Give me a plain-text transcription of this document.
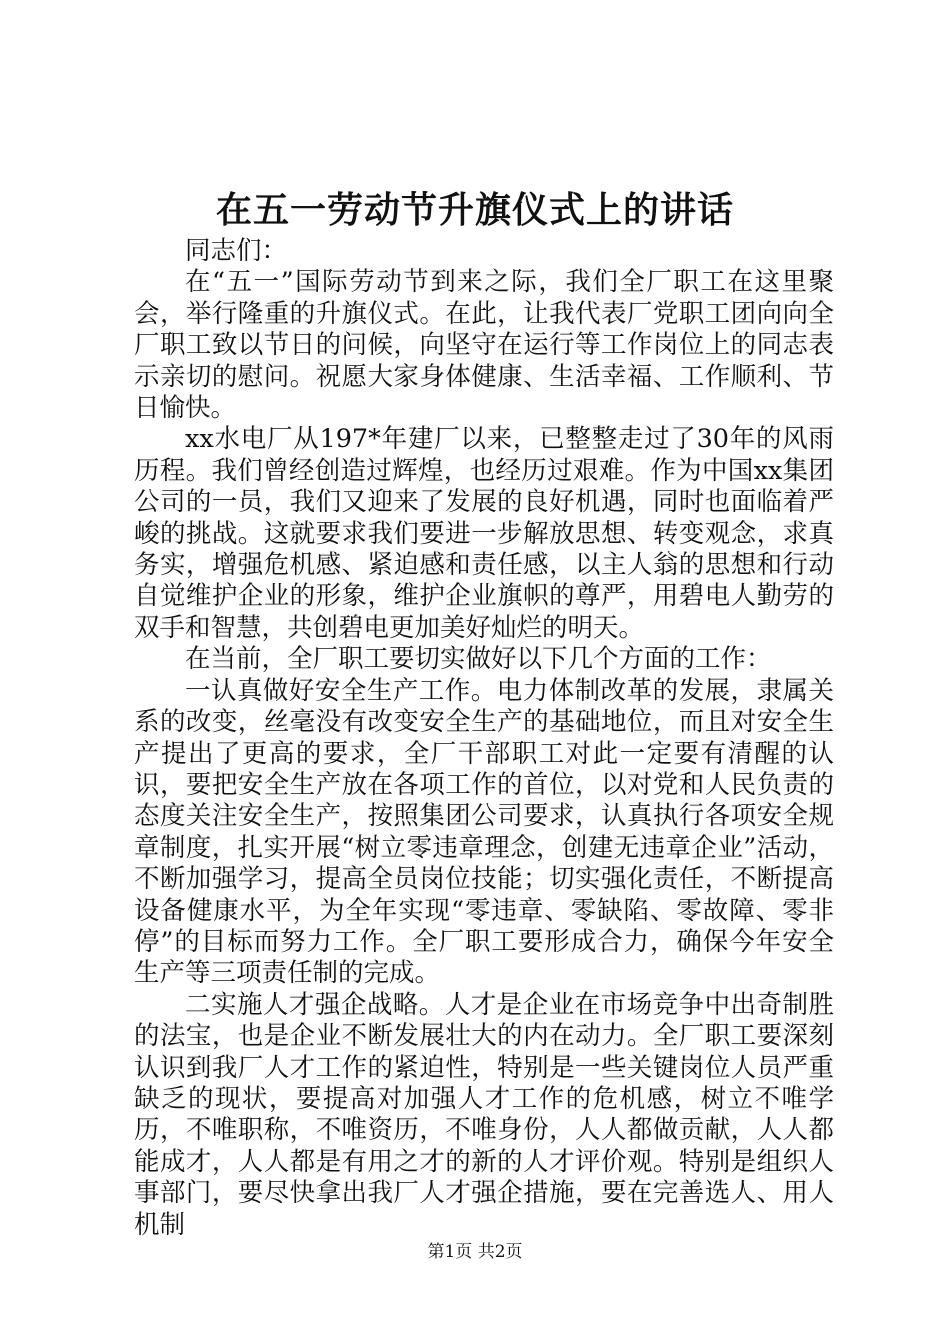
在五一劳动节升旗仪式上的讲话

同志们：

在“五一”国际劳动节到来之际，我们全厂职工在这里聚会，举行隆重的升旗仪式。在此，让我代表厂党职工团向向全厂职工致以节日的问候，向坚守在运行等工作岗位上的同志表示亲切的慰问。祝愿大家身体健康、生活幸福、工作顺利、节日愉快。

xx水电厂从197*年建厂以来，已整整走过了30年的风雨历程。我们曾经创造过辉煌，也经历过艰难。作为中国xx集团公司的一员，我们又迎来了发展的良好机遇，同时也面临着严峻的挑战。这就要求我们要进一步解放思想、转变观念，求真务实，增强危机感、紧迫感和责任感，以主人翁的思想和行动自觉维护企业的形象，维护企业旗帜的尊严，用碧电人勤劳的双手和智慧，共创碧电更加美好灿烂的明天。

在当前，全厂职工要切实做好以下几个方面的工作：

一认真做好安全生产工作。电力体制改革的发展，隶属关系的改变，丝毫没有改变安全生产的基础地位，而且对安全生产提出了更高的要求，全厂干部职工对此一定要有清醒的认识，要把安全生产放在各项工作的首位，以对党和人民负责的态度关注安全生产，按照集团公司要求，认真执行各项安全规章制度，扎实开展“树立零违章理念，创建无违章企业”活动，不断加强学习，提高全员岗位技能；切实强化责任，不断提高设备健康水平，为全年实现“零违章、零缺陷、零故障、零非停”的目标而努力工作。全厂职工要形成合力，确保今年安全生产等三项责任制的完成。

二实施人才强企战略。人才是企业在市场竞争中出奇制胜的法宝，也是企业不断发展壮大的内在动力。全厂职工要深刻认识到我厂人才工作的紧迫性，特别是一些关键岗位人员严重缺乏的现状，要提高对加强人才工作的危机感，树立不唯学历，不唯职称，不唯资历，不唯身份，人人都做贡献，人人都能成才，人人都是有用之才的新的人才评价观。特别是组织人事部门，要尽快拿出我厂人才强企措施，要在完善选人、用人机制

第1页 共2页
